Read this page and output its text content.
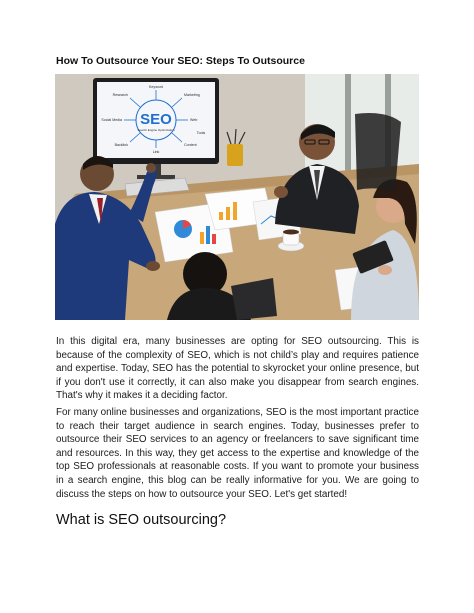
How To Outsource Your SEO: Steps To Outsource
SEO
Search Engine Optimization
Keyword
Marketing
Research
Web
Social Media
Content
Backlink
Link
Tools

In this digital era, many businesses are opting for SEO outsourcing. This is because of the complexity of SEO, which is not child’s play and requires patience and expertise. Today, SEO has the potential to skyrocket your online presence, but if you don't use it correctly, it can also make you disappear from search engines. That's why it makes it a deciding factor.

For many online businesses and organizations, SEO is the most important practice to reach their target audience in search engines. Today, businesses prefer to outsource their SEO services to an agency or freelancers to save significant time and resources. In this way, they get access to the expertise and knowledge of the top SEO professionals at reasonable costs. If you want to promote your business in a search engine, this blog can be really informative for you. We are going to discuss the steps on how to outsource your SEO. Let's get started!

What is SEO outsourcing?
